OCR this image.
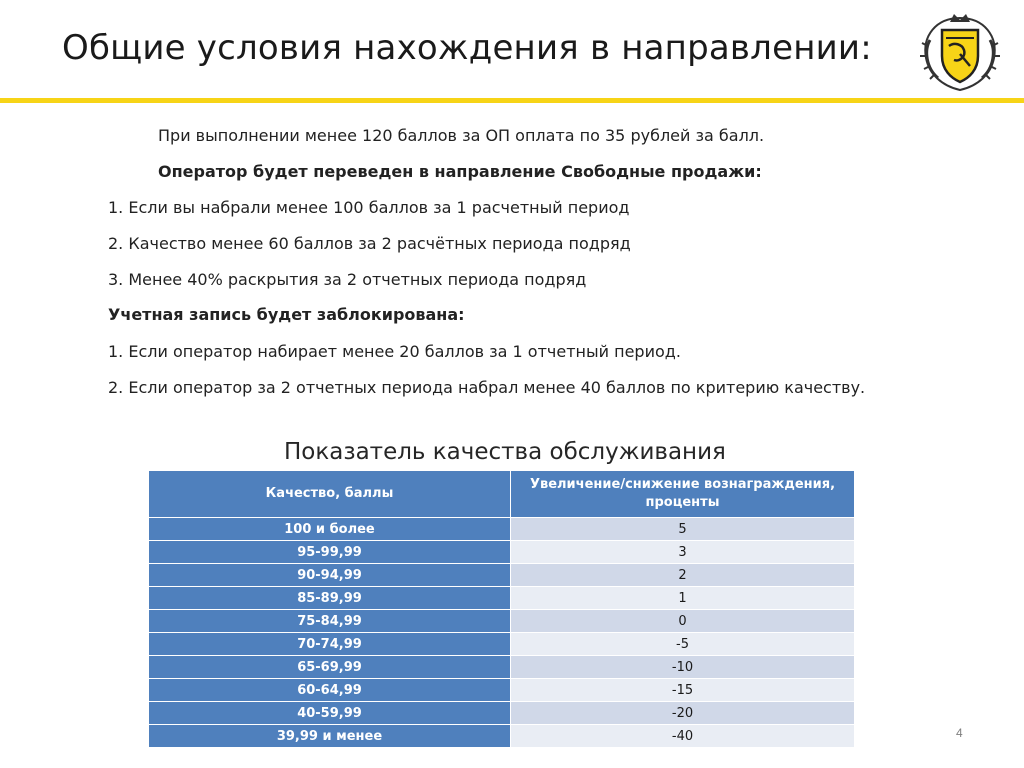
Общие условия нахождения в направлении:
При выполнении менее 120 баллов за ОП оплата по 35 рублей за балл.
Оператор будет переведен в направление Свободные продажи:
1. Если вы набрали менее 100 баллов за 1 расчетный период
2. Качество менее 60 баллов за 2 расчётных периода подряд
3. Менее 40% раскрытия за 2 отчетных периода подряд
Учетная запись будет заблокирована:
1. Если оператор набирает менее 20 баллов за 1 отчетный период.
2. Если оператор за 2 отчетных периода набрал менее 40 баллов по критерию качеству.
Показатель качества обслуживания
Качество, баллы	Увеличение/снижение вознаграждения, проценты
100 и более	5
95-99,99	3
90-94,99	2
85-89,99	1
75-84,99	0
70-74,99	-5
65-69,99	-10
60-64,99	-15
40-59,99	-20
39,99 и менее	-40	4
